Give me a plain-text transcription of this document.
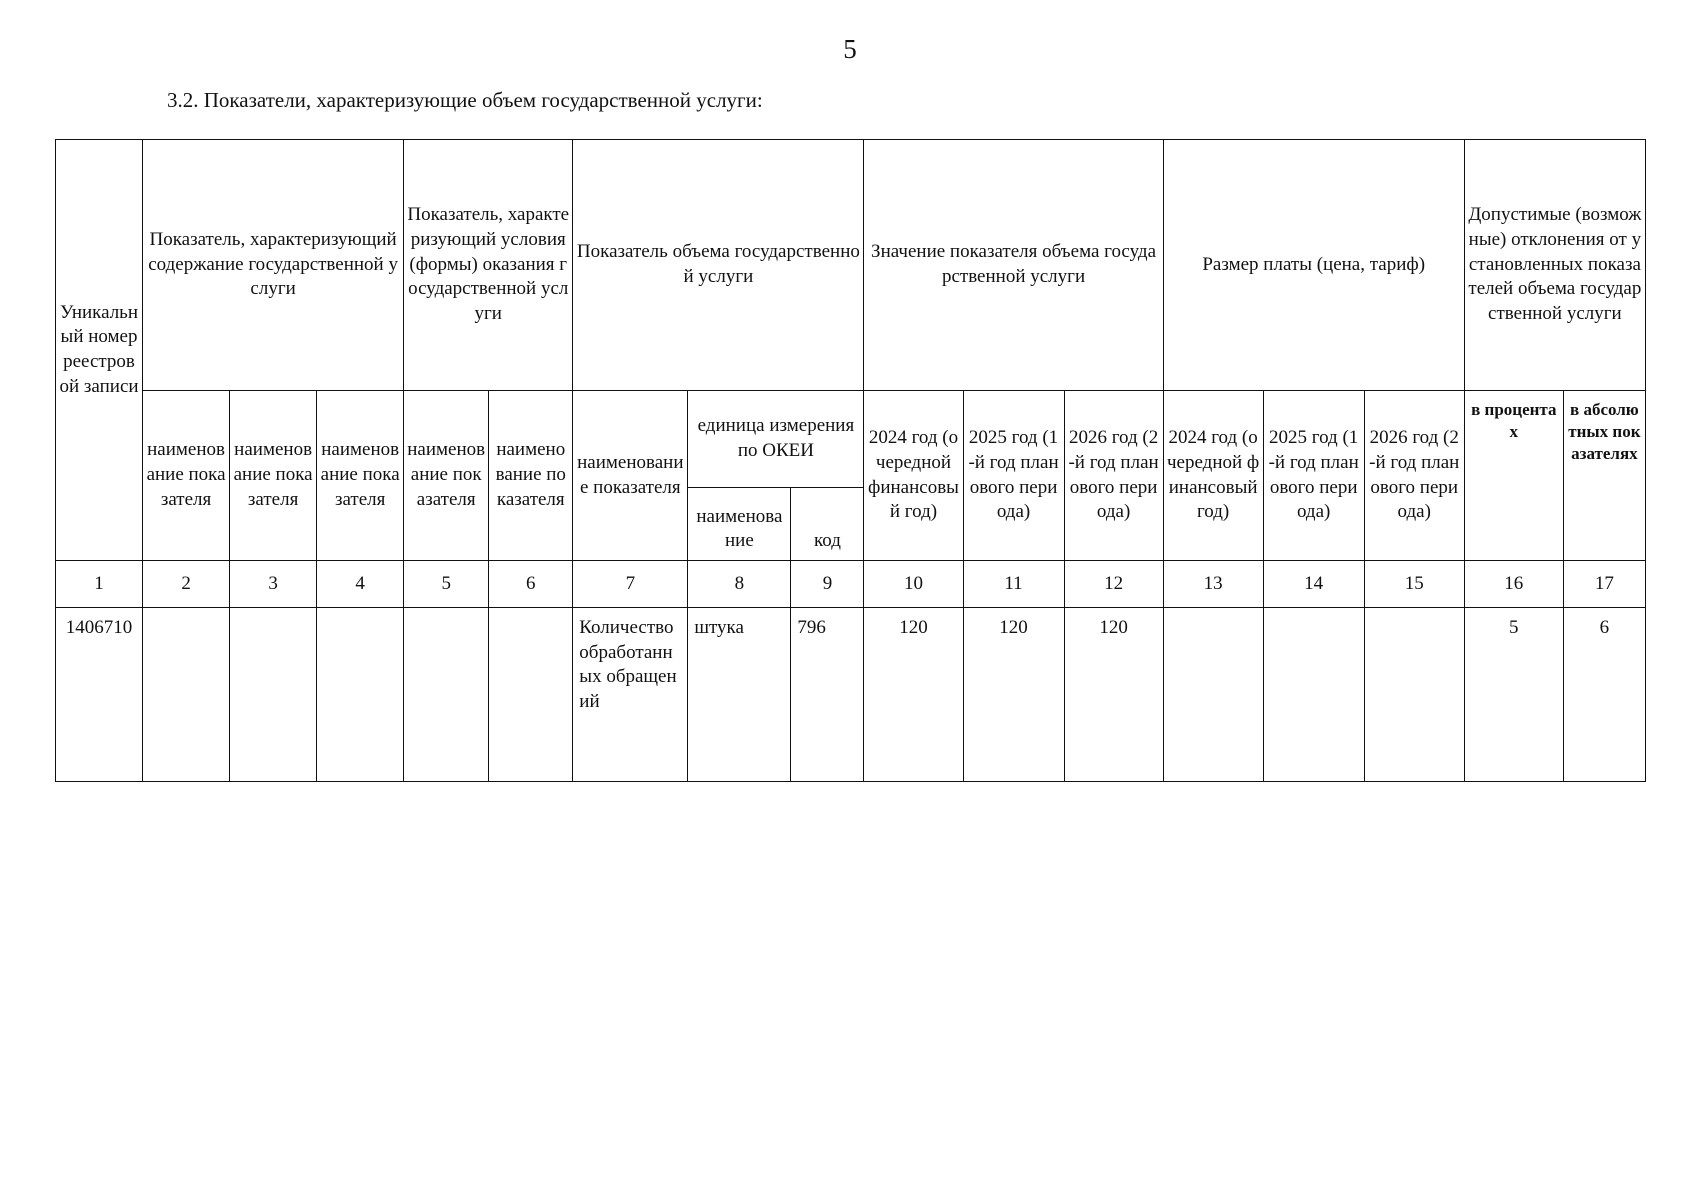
5
3.2. Показатели, характеризующие объем государственной услуги:
Уникальный номер реестровой записи	Показатель, характеризующий содержание государственной услуги			Показатель, характеризующий условия (формы) оказания государственной услуги		Показатель объема государственной услуги			Значение показателя объема государственной услуги			Размер платы (цена, тариф)			Допустимые (возможные) отклонения от установленных показателей объема государственной услуги	
	наименование показателя	наименование показателя	наименование показателя	наименование показателя	наименование показателя	наименование показателя	единица измерения по ОКЕИ		2024 год (очередной финансовый год)	2025 год (1-й год планового периода)	2026 год (2-й год планового периода)	2024 год (очередной финансовый год)	2025 год (1-й год планового периода)	2026 год (2-й год планового периода)	в процентах	в абсолютных показателях
							наименование	код								
1	2	3	4	5	6	7	8	9	10	11	12	13	14	15	16	17
1406710						Количество обработанных обращений	штука	796	120	120	120				5	6
